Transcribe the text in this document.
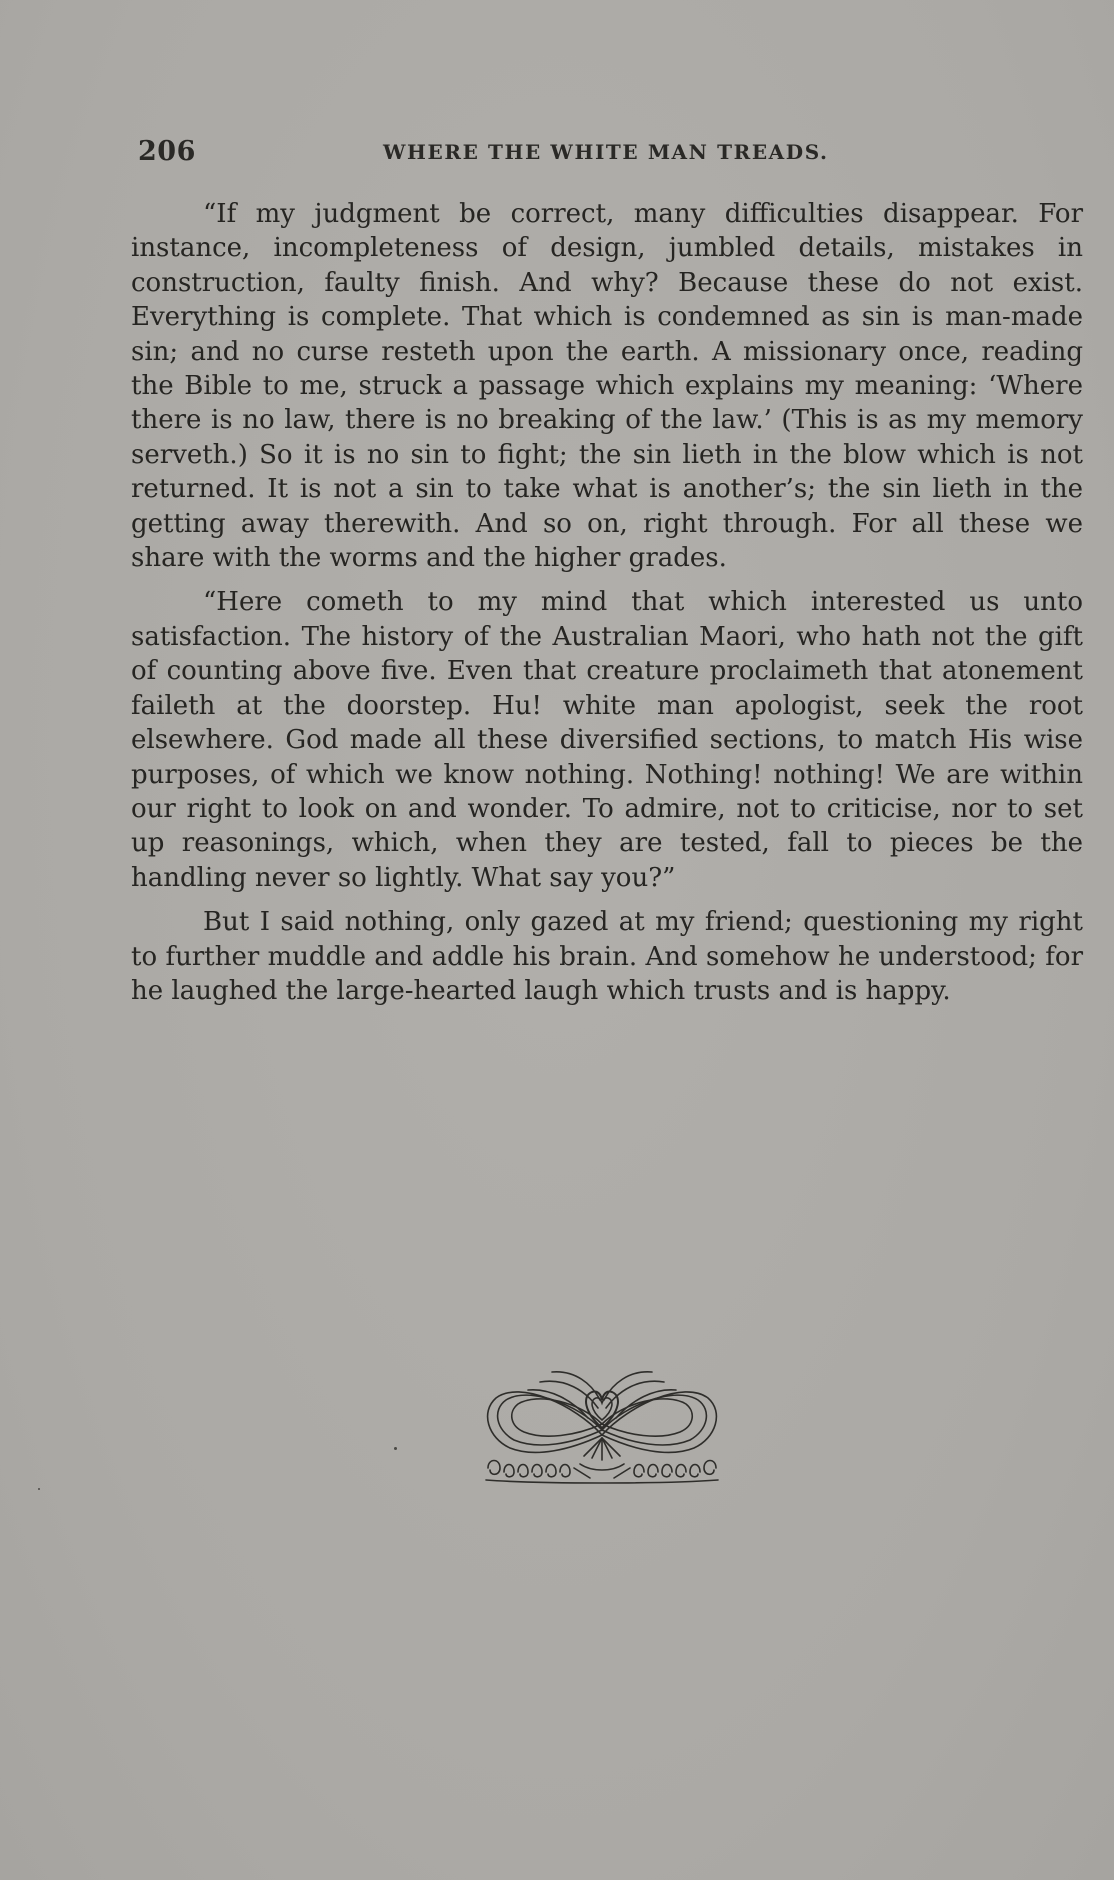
206	WHERE THE WHITE MAN TREADS.

“If my judgment be correct, many difficulties disappear. For instance, incompleteness of design, jumbled details, mistakes in construction, faulty finish. And why? Because these do not exist. Everything is complete. That which is condemned as sin is man-made sin; and no curse resteth upon the earth. A missionary once, reading the Bible to me, struck a passage which explains my meaning: ‘Where there is no law, there is no breaking of the law.’ (This is as my memory serveth.) So it is no sin to fight; the sin lieth in the blow which is not returned. It is not a sin to take what is another’s; the sin lieth in the getting away therewith. And so on, right through. For all these we share with the worms and the higher grades.

“Here cometh to my mind that which interested us unto satisfaction. The history of the Australian Maori, who hath not the gift of counting above five. Even that creature proclaimeth that atonement faileth at the doorstep. Hu! white man apologist, seek the root elsewhere. God made all these diversified sections, to match His wise purposes, of which we know nothing. Nothing! nothing! We are within our right to look on and wonder. To admire, not to criticise, nor to set up reasonings, which, when they are tested, fall to pieces be the handling never so lightly. What say you?”

But I said nothing, only gazed at my friend; questioning my right to further muddle and addle his brain. And somehow he understood; for he laughed the large-hearted laugh which trusts and is happy.
